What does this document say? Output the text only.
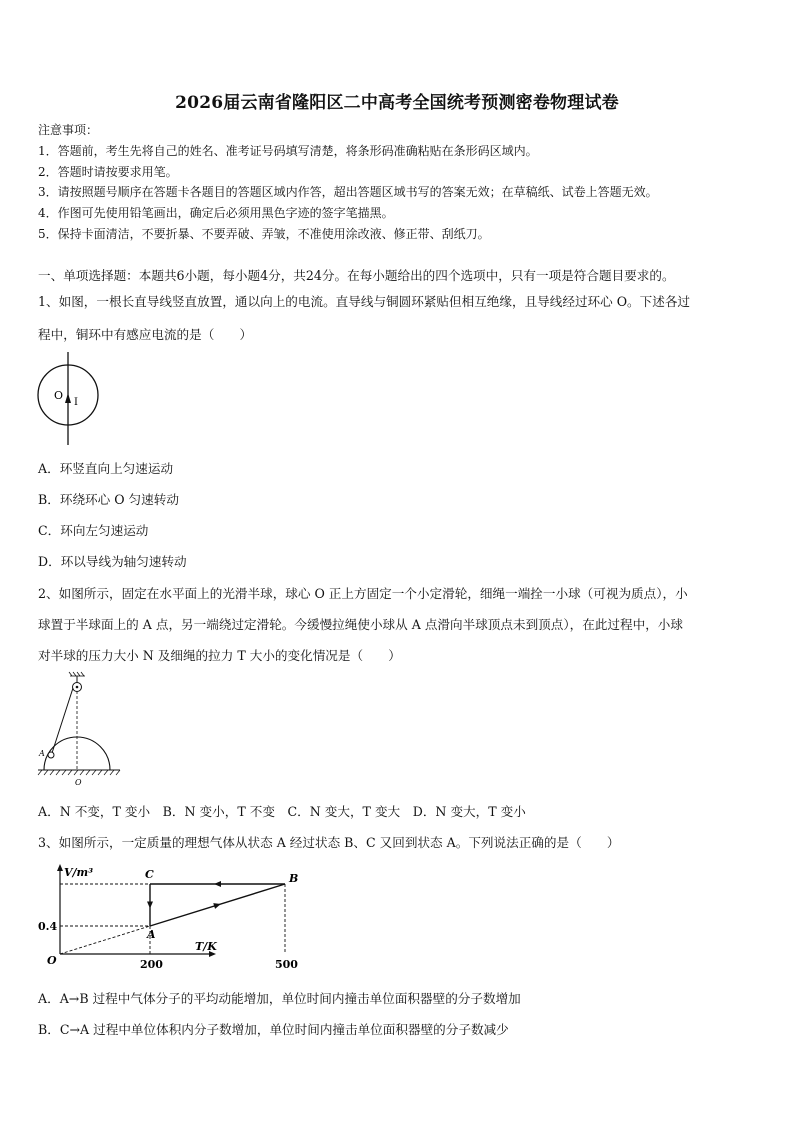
2026届云南省隆阳区二中高考全国统考预测密卷物理试卷
注意事项：
1．答题前，考生先将自己的姓名、准考证号码填写清楚，将条形码准确粘贴在条形码区域内。
2．答题时请按要求用笔。
3．请按照题号顺序在答题卡各题目的答题区域内作答，超出答题区域书写的答案无效；在草稿纸、试卷上答题无效。
4．作图可先使用铅笔画出，确定后必须用黑色字迹的签字笔描黑。
5．保持卡面清洁，不要折暴、不要弄破、弄皱，不准使用涂改液、修正带、刮纸刀。
一、单项选择题：本题共6小题，每小题4分，共24分。在每小题给出的四个选项中，只有一项是符合题目要求的。
1、如图，一根长直导线竖直放置，通以向上的电流。直导线与铜圆环紧贴但相互绝缘，且导线经过环心 O。下述各过
程中，铜环中有感应电流的是（　　）
O
I
A．环竖直向上匀速运动
B．环绕环心 O 匀速转动
C．环向左匀速运动
D．环以导线为轴匀速转动
2、如图所示，固定在水平面上的光滑半球，球心 O 正上方固定一个小定滑轮，细绳一端拴一小球（可视为质点），小
球置于半球面上的 A 点，另一端绕过定滑轮。今缓慢拉绳使小球从 A 点滑向半球顶点未到顶点），在此过程中，小球
对半球的压力大小 N 及细绳的拉力 T 大小的变化情况是（　　）
A
O
A．N 不变，T 变小　B．N 变小，T 不变　C．N 变大，T 变大　D．N 变大，T 变小
3、如图所示，一定质量的理想气体从状态 A 经过状态 B、C 又回到状态 A。下列说法正确的是（　　）
V/m³
T/K
O	200	500
0.4
A
B
C
A．A→B 过程中气体分子的平均动能增加，单位时间内撞击单位面积器壁的分子数增加
B．C→A 过程中单位体积内分子数增加，单位时间内撞击单位面积器壁的分子数减少
